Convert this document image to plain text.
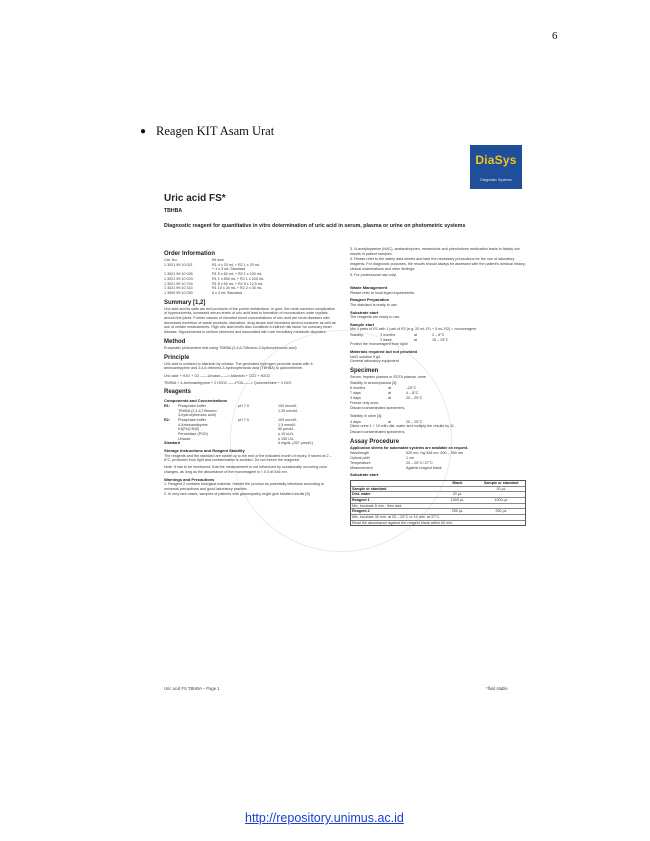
6
● Reagen KIT Asam Urat
DiaSys
Diagnostic Systems
Uric acid FS*
TBHBA
Diagnostic reagent for quantitative in vitro determination of uric acid in serum, plasma or urine on photometric systems
Order Information
Cat. No.	Kit size
1 3021 99 10 021	R1 4 x 20 mL + R2 1 x 20 mL
+ 1 x 3 mL Standard
1 3021 99 10 026	R1 5 x 80 mL + R2 1 x 100 mL
1 3021 99 10 023	R1 1 x 800 mL + R2 1 x 200 mL
1 3021 99 10 704	R1 8 x 50 mL + R2 8 x 12.5 mL
1 3021 99 10 314	R1 10 x 20 mL + R2 2 x 30 mL
1 3000 99 10 030	6 x 3 mL Standard
Summary [1,2]
Uric acid and its salts are end products of the purine metabolism. In gout, the most common complication of hyperuricemia, increased serum levels of uric acid lead to formation of monosodium urate crystals around the joints. Further causes of elevated blood concentrations of uric acid are renal diseases with decreased excretion of waste products, starvation, drug abuse and increased alcohol consume as well as use of certain medicaments. High uric acid levels also constitute a indirect risk factor for coronary heart disease. Hypouricemia is seldom observed and associated with rare hereditary metabolic disorders.
Method
Enzymatic photometric test using TBHBA (2,4,6-Tribromo-3-hydroxybenzoic acid)
Principle
Uric acid is oxidized to allantoin by uricase. The generated hydrogen peroxide reacts with 4-aminoantipyrine and 2,4,6-tribromo-3-hydroxybenzoic acid (TBHBA) to quinoneimine.
Uric acid + H2O + O2 ——Uricase——> Allantoin + CO2 + H2O2
TBHBA + 4-Aminoantipyrine + 2 H2O2 ——POD——> Quinoneimine + 3 H2O
Reagents
Components and Concentrations
R1:	Phosphate buffer	pH 7.0	100 mmol/L
TBHBA (2,4,6-Tribromo-	1.25 mmol/L
3-hydroxybenzoic acid)
R2:	Phosphate buffer	pH 7.0	100 mmol/L
4-Aminoantipyrine	1.5 mmol/L
K4[Fe(CN)6]	50 µmol/L
Peroxidase (POD)	≥ 10 kU/L
Uricase	≥ 150 U/L
Standard	6 mg/dL (357 µmol/L)
Storage Instructions and Reagent Stability
The reagents and the standard are stable up to the end of the indicated month of expiry, if stored at 2 – 8°C, protected from light and contamination is avoided. Do not freeze the reagents!
Note: It has to be mentioned, that the measurement is not influenced by occasionally occurring color changes, as long as the absorbance of the monoreagent is < 0.5 at 546 nm.
Warnings and Precautions
1. Reagent 2 contains biological material. Handle the product as potentially infectious according to universal precautions and good laboratory practice.
2. In very rare cases, samples of patients with gammopathy might give falsified results [8].
3. N-acetylcysteine (NAC), acetaminophen, metamizole and phenindione medication leads to falsely low results in patient samples.
4. Please refer to the safety data sheets and take the necessary precautions for the use of laboratory reagents. For diagnostic purposes, the results should always be assessed with the patient's medical history, clinical examinations and other findings.
5. For professional use only!
Waste Management
Please refer to local legal requirements.
Reagent Preparation
The standard is ready to use.
Substrate start
The reagents are ready to use.
Sample start
Mix 4 parts of R1 with 1 part of R2 (e.g. 20 mL R1 + 5 mL R2) = monoreagent
Stability:	3 months	at	2 – 8°C
1 week	at	15 – 25°C
Protect the monoreagent from light!
Materials required but not provided
NaCl solution 9 g/L
General laboratory equipment
Specimen
Serum, heparin plasma or EDTA plasma, urine
Stability in serum/plasma [3]:
6 months	at	–20°C
7 days	at	4 – 8°C
3 days	at	20 – 25°C
Freeze only once.
Discard contaminated specimens.
Stability in urine [4]:
4 days	at	20 – 25°C
Dilute urine 1 + 10 with dist. water and multiply the results by 11.
Discard contaminated specimens.
Assay Procedure
Application sheets for automated systems are available on request.
Wavelength	520 nm, Hg 546 nm, 500 – 550 nm
Optical path	1 cm
Temperature	20 – 25°C/ 37°C
Measurement	Against reagent blank
Substrate start
Blank	Sample or standard
Sample or standard	-	20 µL
Dist. water	20 µL	-
Reagent 1	1000 µL	1000 µL
Mix, incubate 5 min., then add:
Reagent 2	250 µL	250 µL
Mix, incubate 30 min. at 20 – 25°C or 10 min. at 37°C.
Read the absorbance against the reagent blank within 60 min.
Uric acid FS TBHBA – Page 1	*fluid stable
http://repository.unimus.ac.id
